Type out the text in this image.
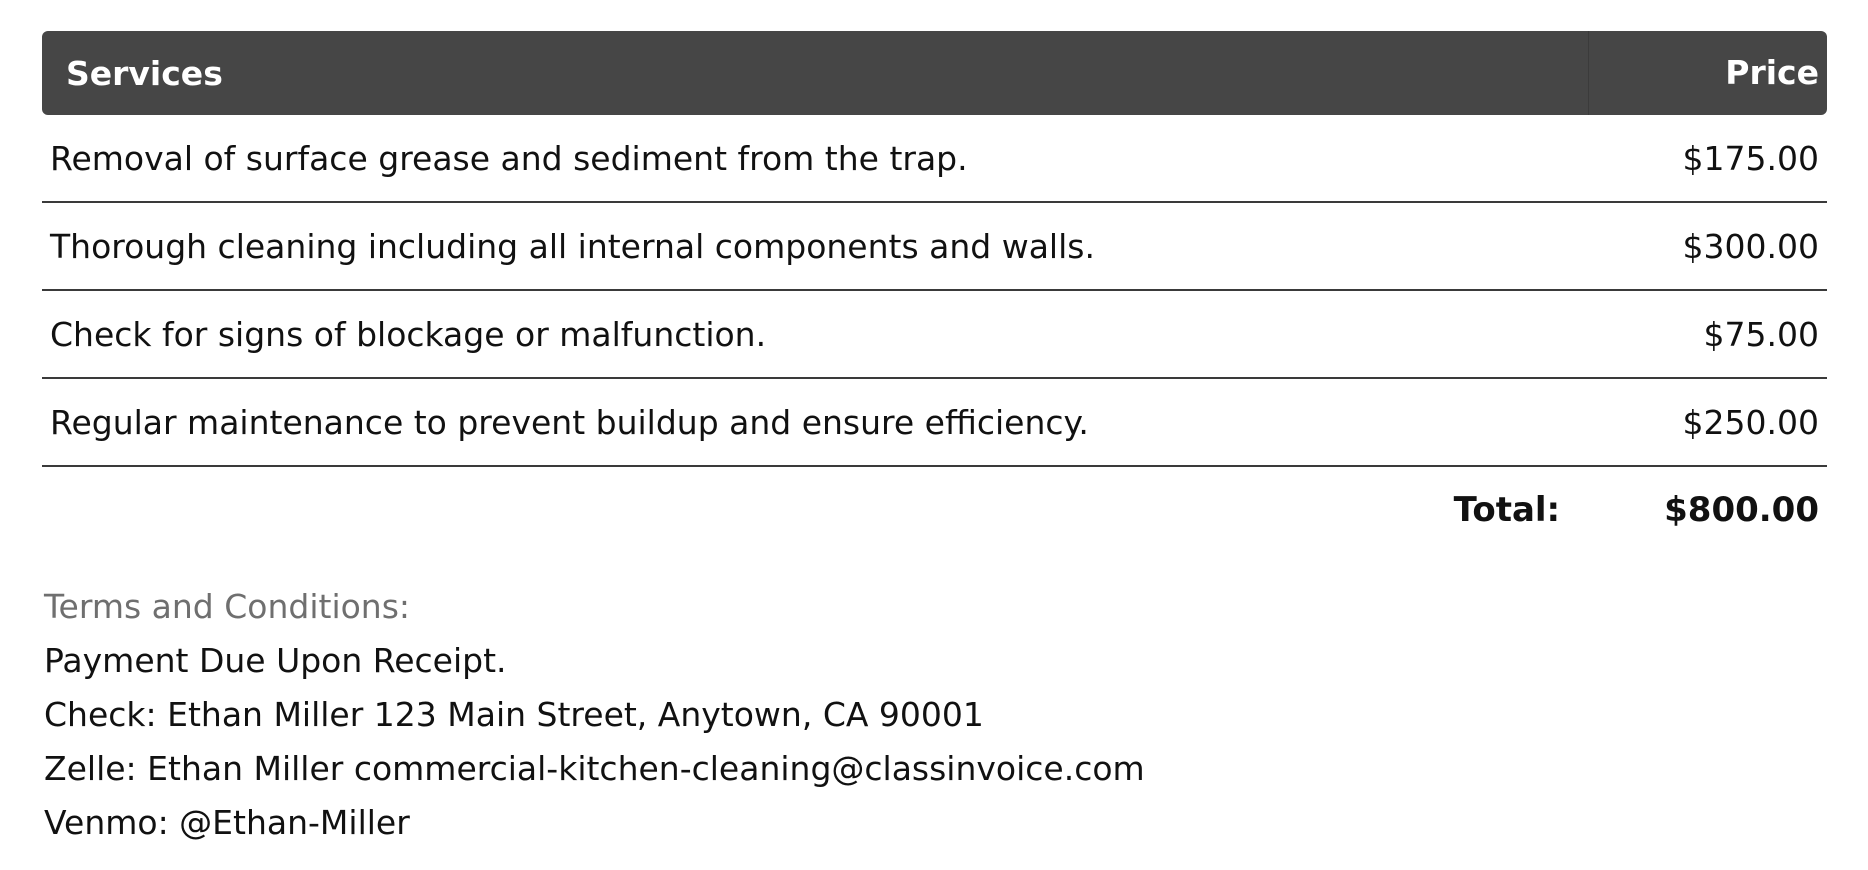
Services	Price
Removal of surface grease and sediment from the trap.	$175.00
Thorough cleaning including all internal components and walls.	$300.00
Check for signs of blockage or malfunction.	$75.00
Regular maintenance to prevent buildup and ensure efficiency.	$250.00
Total:	$800.00
Terms and Conditions:
Payment Due Upon Receipt.
Check: Ethan Miller 123 Main Street, Anytown, CA 90001
Zelle: Ethan Miller commercial-kitchen-cleaning@classinvoice.com
Venmo: @Ethan-Miller
